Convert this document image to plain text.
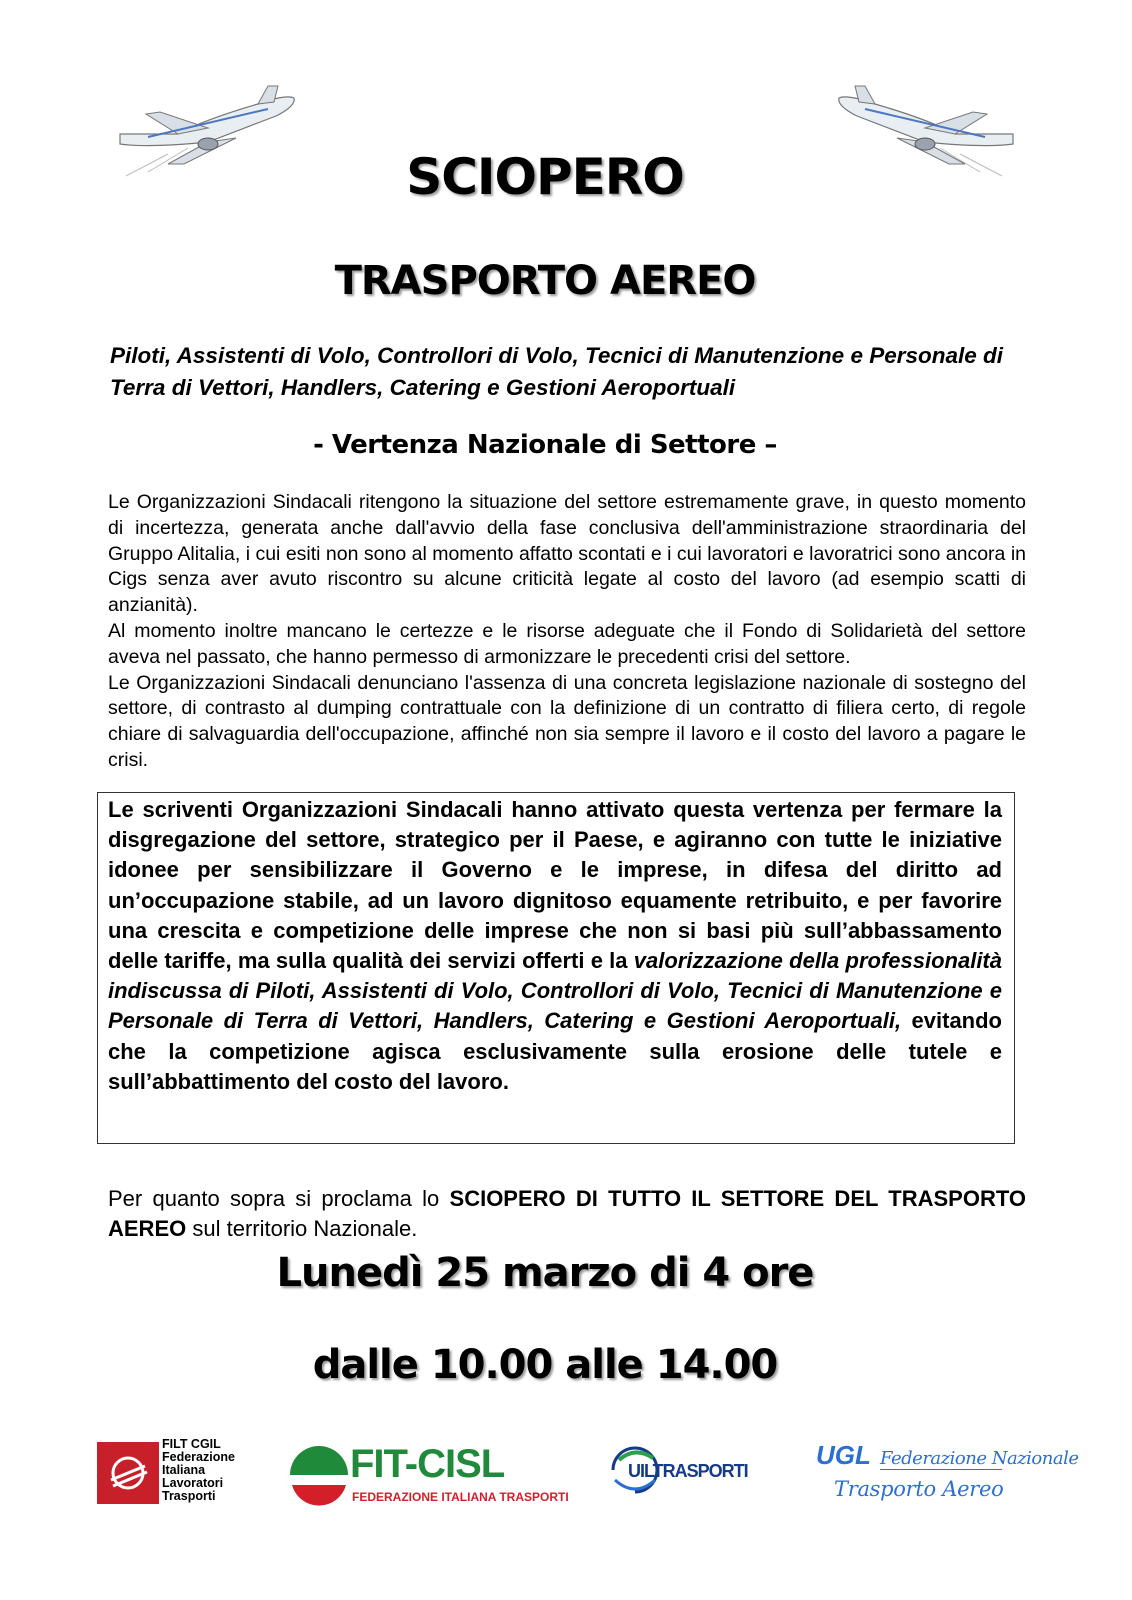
SCIOPERO
TRASPORTO AEREO
Piloti, Assistenti di Volo, Controllori di Volo, Tecnici di Manutenzione e Personale di Terra di Vettori, Handlers, Catering e Gestioni Aeroportuali
- Vertenza Nazionale di Settore –

Le Organizzazioni Sindacali ritengono la situazione del settore estremamente grave, in questo momento di incertezza, generata anche dall'avvio della fase conclusiva dell'amministrazione straordinaria del Gruppo Alitalia, i cui esiti non sono al momento affatto scontati e i cui lavoratori e lavoratrici sono ancora in Cigs senza aver avuto riscontro su alcune criticità legate al costo del lavoro (ad esempio scatti di anzianità).

Al momento inoltre mancano le certezze e le risorse adeguate che il Fondo di Solidarietà del settore aveva nel passato, che hanno permesso di armonizzare le precedenti crisi del settore.

Le Organizzazioni Sindacali denunciano l'assenza di una concreta legislazione nazionale di sostegno del settore, di contrasto al dumping contrattuale con la definizione di un contratto di filiera certo, di regole chiare di salvaguardia dell'occupazione, affinché non sia sempre il lavoro e il costo del lavoro a pagare le crisi.

Le scriventi Organizzazioni Sindacali hanno attivato questa vertenza per fermare la disgregazione del settore, strategico per il Paese, e agiranno con tutte le iniziative idonee per sensibilizzare il Governo e le imprese, in difesa del diritto ad un’occupazione stabile, ad un lavoro dignitoso equamente retribuito, e per favorire una crescita e competizione delle imprese che non si basi più sull’abbassamento delle tariffe, ma sulla qualità dei servizi offerti e la valorizzazione della professionalità indiscussa di Piloti, Assistenti di Volo, Controllori di Volo, Tecnici di Manutenzione e Personale di Terra di Vettori, Handlers, Catering e Gestioni Aeroportuali, evitando che la competizione agisca esclusivamente sulla erosione delle tutele e sull’abbattimento del costo del lavoro.

Per quanto sopra si proclama lo SCIOPERO DI TUTTO IL SETTORE DEL TRASPORTO AEREO sul territorio Nazionale.
Lunedì 25 marzo di 4 ore
dalle 10.00 alle 14.00
FILT CGIL
Federazione
Italiana
Lavoratori
Trasporti
FIT-CISL
FEDERAZIONE ITALIANA TRASPORTI
UILTRASPORTI
UGL Federazione Nazionale
Trasporto Aereo
